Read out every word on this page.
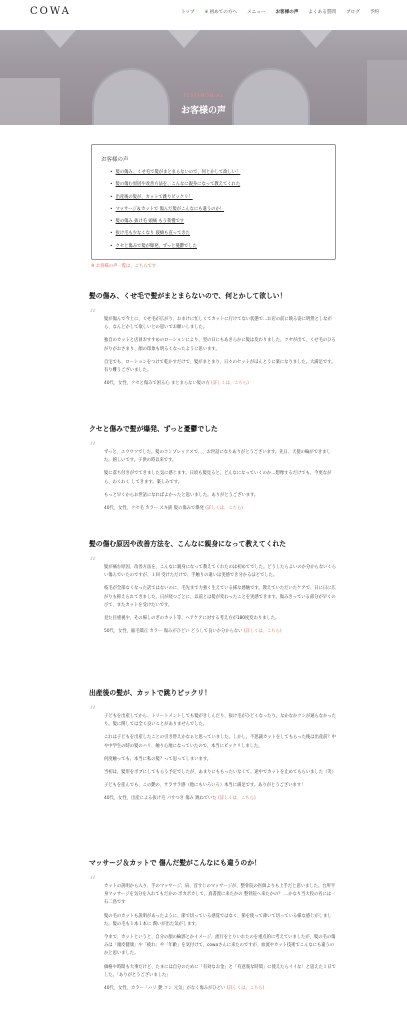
COWA	トップ ❦初めての方へ メニュー お客様の声 よくある質問 ブログ 予約
TESTIMONIAL
お客様の声
お客様の声
• 髪の傷み、くせ毛で髪がまとまらないので、何とかして欲しい！
• 髪の傷む原因や改善方法を、こんなに親身になって教えてくれた
• 出産後の髪が、カットで跳りビックリ！
• マッサージ＆カットで 傷んだ髪がこんなにも違うのか！
• 髪の傷み 抜け毛 頭痛 もう我慢です
• 抜け毛も少なくなり 寝癖も直ってきた
• クセと傷みで髪が爆発、ずっと憂鬱でした
※ お客様の声一覧は、こちらです
髪の傷み、くせ毛で髪がまとまらないので、何とかして欲しい！
“ 髪が傷んで今上に、くせ毛が広がり、おまけに忙しくてカットに行けてない状態で…お店の前に映る姿に明然としながら、なんとかして欲しいとの思いでお願いしました。

独自のカットと店員おすすめのローションにより、翌の日にもあきらかに髪は変わりました。ツヤが出て、くせ毛のひろがりがおさまり、顔の印象も明るくなったように思います。

自宅でも、ローションをつけて乾かすだけで、髪がまとまり、日々のセットがほんとうに楽になりました。大満足です。有り難うございました。

40代、女性、クセと傷みで困る心 まとまらない髪の方 (詳しくは、こちら)
クセと傷みで髪が爆発、ずっと憂鬱でした
“ ずっと、ユウウツでした。髪のコンプレックスで、、、お世話になりありがとうございます。先日、天使の輪ができました。嬉しいです。子供の時以来です。

髪に落ち付きがでてきました気に感じます。日頃も髪見ると、どんなになっていくのか…想像するだけでも、今更ながら、わくわく してきます。楽しみです。

もっと早くからお世話になればよかったと思いました。ありがとうございます。

40代、女性、クセ毛 カラー スキ鋏 髪の傷みで爆発 (詳しくは、こちら)
髪の傷む原因や改善方法を、こんなに親身になって教えてくれた
“ 髪が痛む原因、改善方法を、こんなに親身になって教えてくれたのは初めてでした。どうしたらよいのか分からないくらい傷んでいたのですが、１回 受けただけで、手触りの違いは実感でき分かるほどでした。

枝毛が全部なくなった訳ではないのに、毛先まで力強く生えている様な感触です。教えていただいたケアで、日に日に広がりも抑えられてきました。日が経つごとに、以前とは髪が変わったことを実感できます。傷みきっている部分が早くのびて、またカットを受けたいです。

見た目重視や、その場しのぎのカット等、ヘアケアに対する考え方が180度変わりました。

50代、女性、縮毛矯正 カラー 傷みがひどい どうして良いか分からない (詳しくは、こちら)
出産後の髪が、カットで跳りビックリ！
“ 子どもを出産してから、トリートメントしても髪がきしんだり、抜け毛がひどくなったり、なかなかクシが通らなかったり。髪に関しては全く良いことがありませんでした。

これは子どもを出産したことの引き替えかなぁと思っていました。しかし、不思議カットをしてもらった後は出産前？中や中学生の時の髪のハリ、触り心地になっていたので、本当にビックリしました。

何度触っても、本当に私の髪？って思ってしまいます。

当初は、髪形をボブにしてもらう予定でしたが、あまりにももったいなくて、途中でカットを止めてもらいました（笑）

子どもを産んでも、この艶の、サラサラ感（他にもいろいろ）本当に満足です。ありがとうございます！

40代、女性、出産による抜け毛 パサつき 傷み 跳ねていた (詳しくは、こちら)
マッサージ＆カットで 傷んだ髪がこんなにも違うのか！
“ カットの説明から入り、手のマッサージ、肩、首すじのマッサージが、整骨院の医師よりも上手だと思いました。台所半身マッサージを気分を入れてもだかの ポカポカして、真書置に来たかの 整骨院へ来たかの？ …かなり当大役の名には一石二鳥です

髪の毛のカットも説明があったように、節で切っている感覚ではなく、節を使って薄いて切っている様な感じがしました。髪の毛も１本１本に 潤いが出た気がします。

今まで、カットというと、自分の顔の輪郭とかイメージ、流行をとりいれたのを重点的に考えていましたが、髪の毛の傷みは「頭皮健康」や「疲れ」や「年齢」を気付けて、cowaさんに来たのですが、血流やカット技術でこんなにも違うのかと思いました。

価格や時間も大事だけど、たまには自分のために「有効なお金」と「有意義な時間」に使えたらイイな！と思えた１日でした。「ありがとうございました」

40代、女性、カラー「ハリ 艶 コシ 元気」がなく傷みがひどい (詳しくは、こちら)
